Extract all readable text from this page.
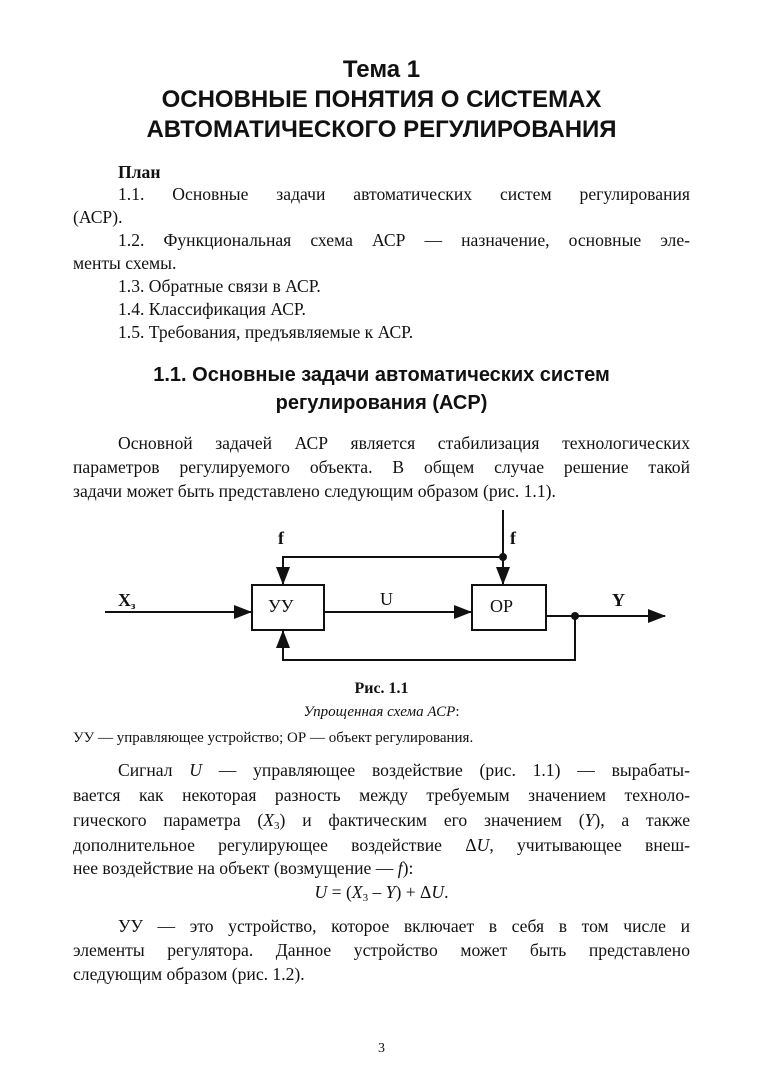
Тема 1
ОСНОВНЫЕ ПОНЯТИЯ О СИСТЕМАХ
АВТОМАТИЧЕСКОГО РЕГУЛИРОВАНИЯ
План
1.1. Основные задачи автоматических систем регулирования
(АСР).
1.2. Функциональная схема АСР — назначение, основные эле-
менты схемы.
1.3. Обратные связи в АСР.
1.4. Классификация АСР.
1.5. Требования, предъявляемые к АСР.
1.1. Основные задачи автоматических систем
регулирования (АСР)
Основной задачей АСР является стабилизация технологических
параметров регулируемого объекта. В общем случае решение такой
задачи может быть представлено следующим образом (рис. 1.1).
$X_з$	УУ	U	ОР	Y
f	f
Рис. 1.1
Упрощенная схема АСР:
УУ — управляющее устройство; ОР — объект регулирования.
Сигнал U — управляющее воздействие (рис. 1.1) — вырабаты-
вается как некоторая разность между требуемым значением техноло-
гического параметра $(X_3)$ и фактическим его значением (Y), а также
дополнительное регулирующее воздействие ΔU, учитывающее внеш-
нее воздействие на объект (возмущение — f):
$U = (X_3 - Y) + \Delta U$.
УУ — это устройство, которое включает в себя в том числе и
элементы регулятора. Данное устройство может быть представлено
следующим образом (рис. 1.2).
3
